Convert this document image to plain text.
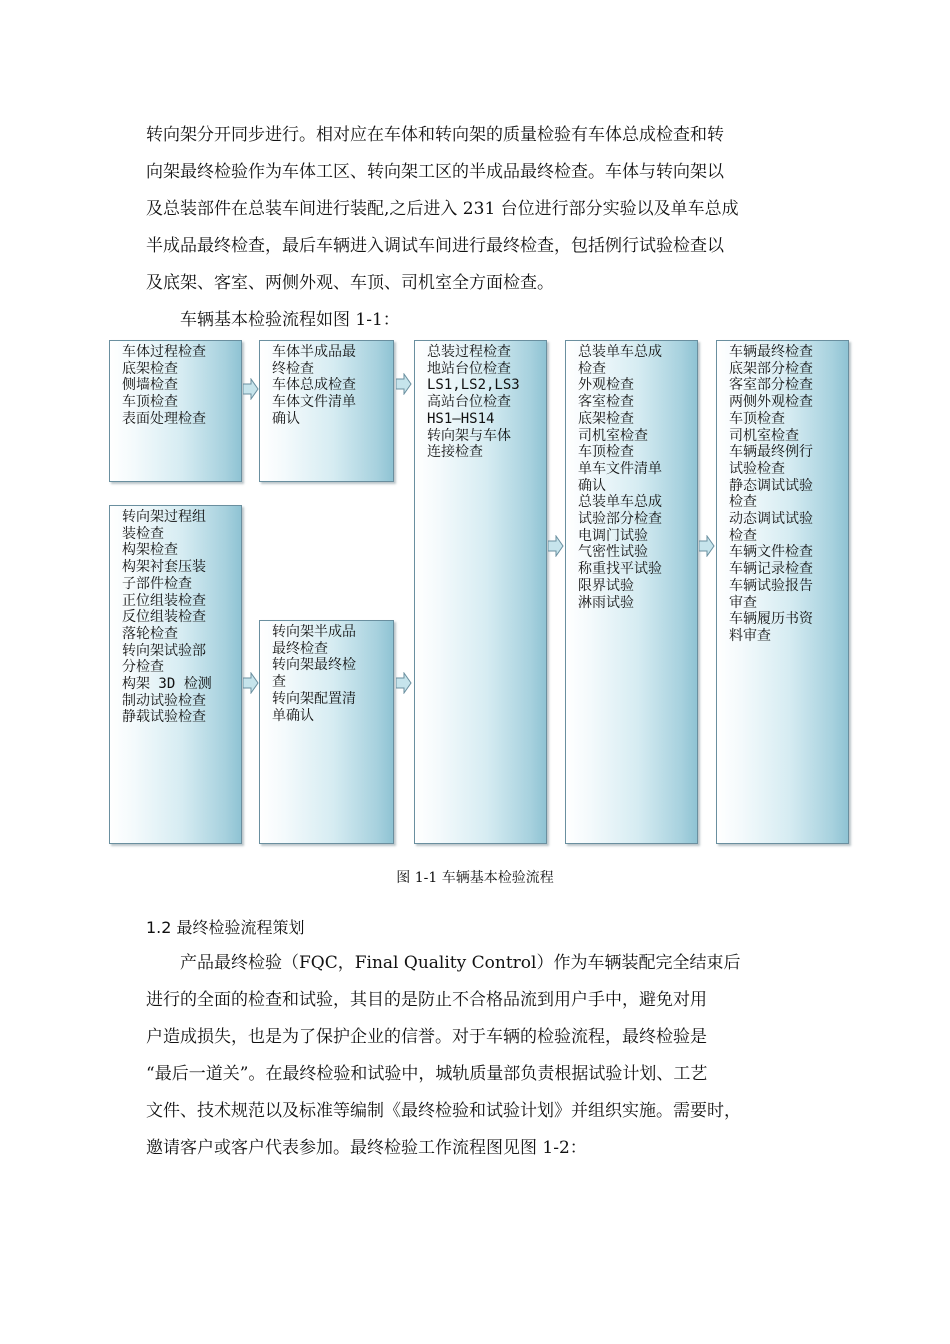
转向架分开同步进行。相对应在车体和转向架的质量检验有车体总成检查和转
向架最终检验作为车体工区、转向架工区的半成品最终检查。车体与转向架以
及总装部件在总装车间进行装配,之后进入 231 台位进行部分实验以及单车总成
半成品最终检查，最后车辆进入调试车间进行最终检查，包括例行试验检查以
及底架、客室、两侧外观、车顶、司机室全方面检查。
车辆基本检验流程如图 1-1：
车体过程检查
底架检查
侧墙检查
车顶检查
表面处理检查
转向架过程组
装检查
构架检查
构架衬套压装
子部件检查
正位组装检查
反位组装检查
落轮检查
转向架试验部
分检查
构架 3D 检测
制动试验检查
静载试验检查
车体半成品最
终检查
车体总成检查
车体文件清单
确认
转向架半成品
最终检查
转向架最终检
查
转向架配置清
单确认
总装过程检查
地站台位检查
LS1,LS2,LS3
高站台位检查
HS1—HS14
转向架与车体
连接检查
总装单车总成
检查
外观检查
客室检查
底架检查
司机室检查
车顶检查
单车文件清单
确认
总装单车总成
试验部分检查
电调门试验
气密性试验
称重找平试验
限界试验
淋雨试验
车辆最终检查
底架部分检查
客室部分检查
两侧外观检查
车顶检查
司机室检查
车辆最终例行
试验检查
静态调试试验
检查
动态调试试验
检查
车辆文件检查
车辆记录检查
车辆试验报告
审查
车辆履历书资
料审查
图 1-1 车辆基本检验流程
1.2 最终检验流程策划
产品最终检验（FQC，Final Quality Control）作为车辆装配完全结束后
进行的全面的检查和试验，其目的是防止不合格品流到用户手中，避免对用
户造成损失，也是为了保护企业的信誉。对于车辆的检验流程，最终检验是
“最后一道关”。在最终检验和试验中，城轨质量部负责根据试验计划、工艺
文件、技术规范以及标准等编制《最终检验和试验计划》并组织实施。需要时，
邀请客户或客户代表参加。最终检验工作流程图见图 1-2：
